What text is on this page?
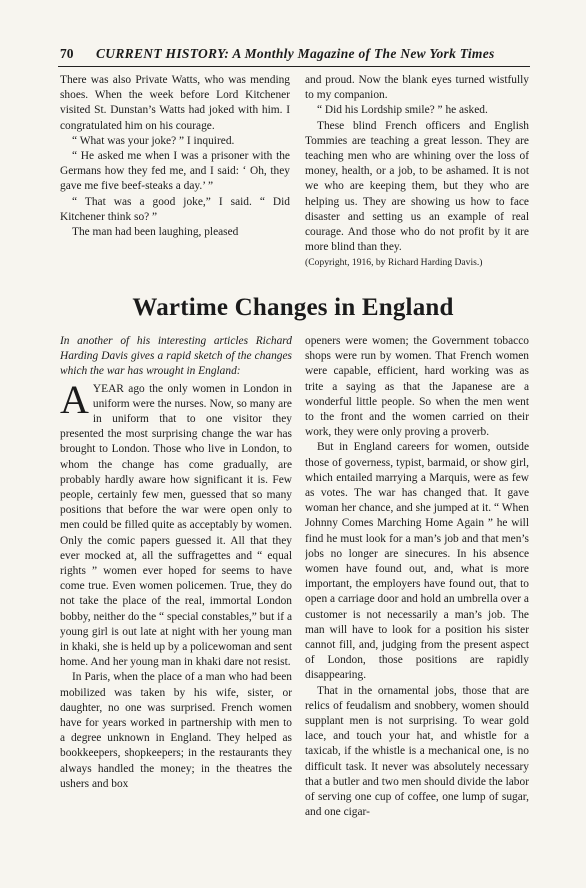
70	CURRENT HISTORY: A Monthly Magazine of The New York Times

There was also Private Watts, who was mending shoes. When the week before Lord Kitchener visited St. Dunstan’s Watts had joked with him. I congratulated him on his courage.

“ What was your joke? ” I inquired.

“ He asked me when I was a prisoner with the Germans how they fed me, and I said: ‘ Oh, they gave me five beef-steaks a day.’ ”

“ That was a good joke,” I said. “ Did Kitchener think so? ”

The man had been laughing, pleased

and proud. Now the blank eyes turned wistfully to my companion.

“ Did his Lordship smile? ” he asked.

These blind French officers and English Tommies are teaching a great lesson. They are teaching men who are whining over the loss of money, health, or a job, to be ashamed. It is not we who are keeping them, but they who are helping us. They are showing us how to face disaster and setting us an example of real courage. And those who do not profit by it are more blind than they.

(Copyright, 1916, by Richard Harding Davis.)

Wartime Changes in England

In another of his interesting articles Richard Harding Davis gives a rapid sketch of the changes which the war has wrought in England:

AYEAR ago the only women in London in uniform were the nurses. Now, so many are in uniform that to one visitor they presented the most surprising change the war has brought to London. Those who live in London, to whom the change has come gradually, are probably hardly aware how significant it is. Few people, certainly few men, guessed that so many positions that before the war were open only to men could be filled quite as acceptably by women. Only the comic papers guessed it. All that they ever mocked at, all the suffragettes and “ equal rights ” women ever hoped for seems to have come true. Even women policemen. True, they do not take the place of the real, immortal London bobby, neither do the “ special constables,” but if a young girl is out late at night with her young man in khaki, she is held up by a policewoman and sent home. And her young man in khaki dare not resist.

In Paris, when the place of a man who had been mobilized was taken by his wife, sister, or daughter, no one was surprised. French women have for years worked in partnership with men to a degree unknown in England. They helped as bookkeepers, shopkeepers; in the restaurants they always handled the money; in the theatres the ushers and box

openers were women; the Government tobacco shops were run by women. That French women were capable, efficient, hard working was as trite a saying as that the Japanese are a wonderful little people. So when the men went to the front and the women carried on their work, they were only proving a proverb.

But in England careers for women, outside those of governess, typist, barmaid, or show girl, which entailed marrying a Marquis, were as few as votes. The war has changed that. It gave woman her chance, and she jumped at it. “ When Johnny Comes Marching Home Again ” he will find he must look for a man’s job and that men’s jobs no longer are sinecures. In his absence women have found out, and, what is more important, the employers have found out, that to open a carriage door and hold an umbrella over a customer is not necessarily a man’s job. The man will have to look for a position his sister cannot fill, and, judging from the present aspect of London, those positions are rapidly disappearing.

That in the ornamental jobs, those that are relics of feudalism and snobbery, women should supplant men is not surprising. To wear gold lace, and touch your hat, and whistle for a taxicab, if the whistle is a mechanical one, is no difficult task. It never was absolutely necessary that a butler and two men should divide the labor of serving one cup of coffee, one lump of sugar, and one cigar-
